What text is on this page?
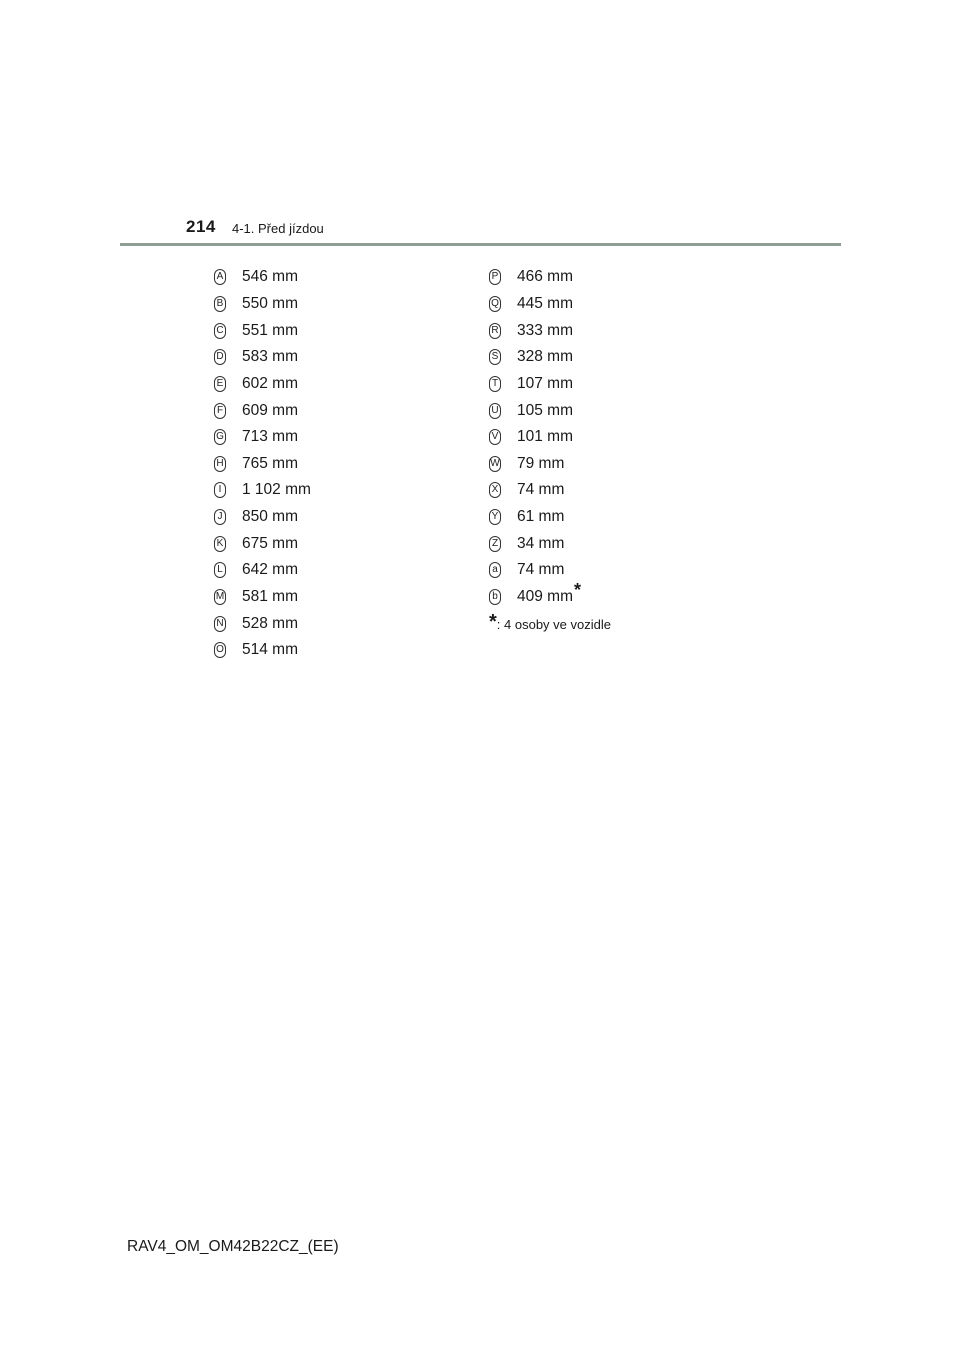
214 4-1. Před jízdou
A 546 mm
B 550 mm
C 551 mm
D 583 mm
E 602 mm
F 609 mm
G 713 mm
H 765 mm
I 1 102 mm
J 850 mm
K 675 mm
L 642 mm
M 581 mm
N 528 mm
O 514 mm
P 466 mm
Q 445 mm
R 333 mm
S 328 mm
T 107 mm
U 105 mm
V 101 mm
W 79 mm
X 74 mm
Y 61 mm
Z 34 mm
a 74 mm
b 409 mm *
* : 4 osoby ve vozidle
RAV4_OM_OM42B22CZ_(EE)
